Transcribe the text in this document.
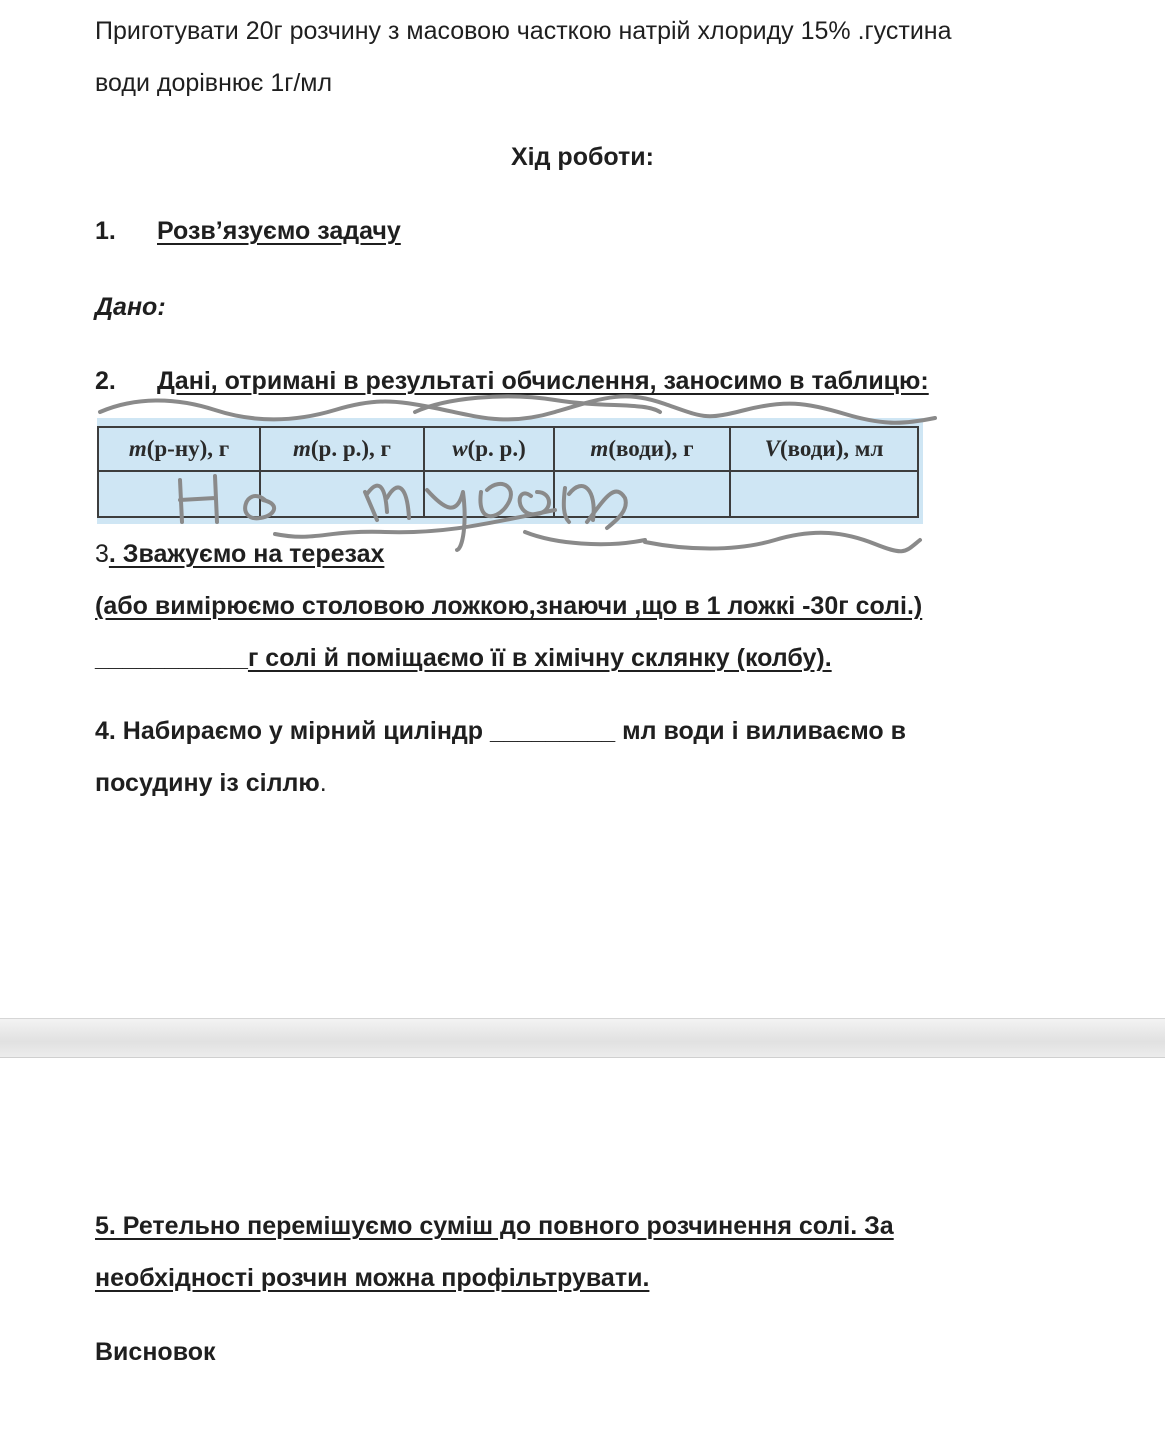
Приготувати 20г розчину з масовою часткою натрій хлориду 15% .густина
води дорівнює 1г/мл
Хід роботи:
1. Розв’язуємо задачу
Дано:
2. Дані, отримані в результаті обчислення, заносимо в таблицю:
m(р-ну), г	m(р. р.), г	w(р. р.)	m(води), г	V(води), мл

3. Зважуємо на терезах
(або вимірюємо столовою ложкою,знаючи ,що в 1 ложкі -30г солі.)
___________г солі й поміщаємо її в хімічну склянку (колбу).
4. Набираємо у мірний циліндр _________ мл води і виливаємо в
посудину із сіллю.
5. Ретельно перемішуємо суміш до повного розчинення солі. За
необхідності розчин можна профільтрувати.
Висновок
